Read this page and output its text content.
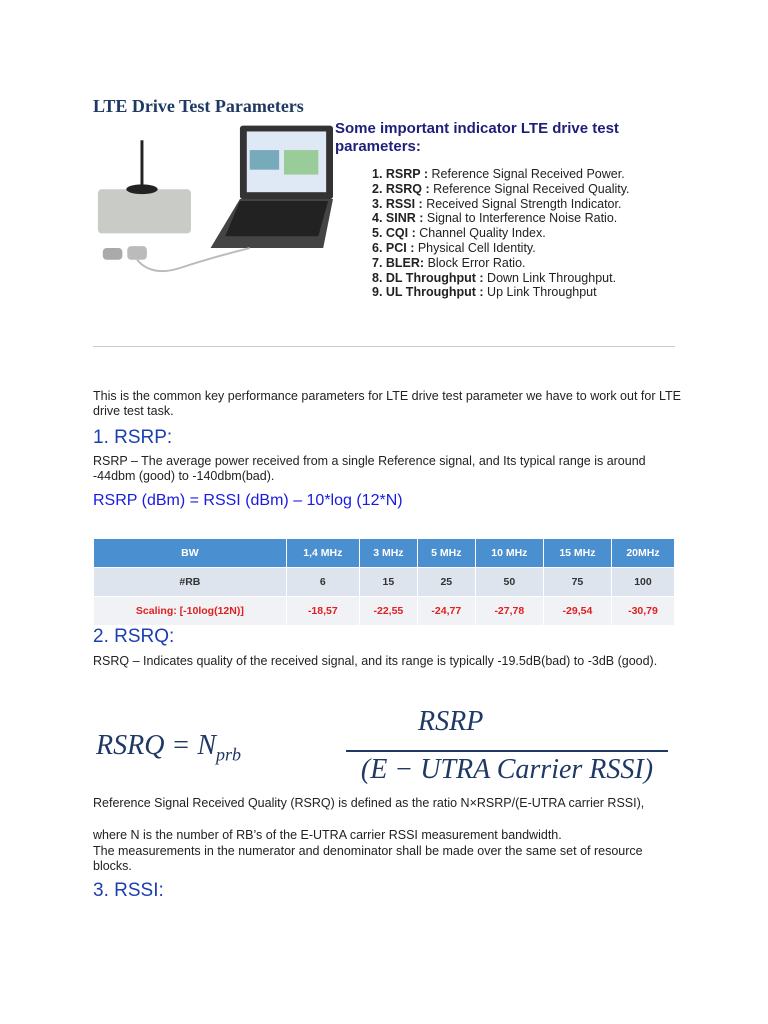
LTE Drive Test Parameters
Some important indicator LTE drive test parameters:
1. RSRP : Reference Signal Received Power.
2. RSRQ : Reference Signal Received Quality.
3. RSSI : Received Signal Strength Indicator.
4. SINR : Signal to Interference Noise Ratio.
5. CQI : Channel Quality Index.
6. PCI : Physical Cell Identity.
7. BLER: Block Error Ratio.
8. DL Throughput : Down Link Throughput.
9. UL Throughput : Up Link Throughput
This is the common key performance parameters for LTE drive test parameter we have to work out for LTE drive test task.
1. RSRP:
RSRP – The average power received from a single Reference signal, and Its typical range is around -44dbm (good) to -140dbm(bad).
RSRP (dBm) = RSSI (dBm) – 10*log (12*N)
BW	1,4 MHz	3 MHz	5 MHz	10 MHz	15 MHz	20MHz
#RB	6	15	25	50	75	100
Scaling: [-10log(12N)]	-18,57	-22,55	-24,77	-27,78	-29,54	-30,79
2. RSRQ:
RSRQ – Indicates quality of the received signal, and its range is typically -19.5dB(bad) to -3dB (good).
RSRQ = $N_{prb}$
RSRP
(E − UTRA Carrier RSSI)
Reference Signal Received Quality (RSRQ) is defined as the ratio N×RSRP/(E-UTRA carrier RSSI),
where N is the number of RB’s of the E-UTRA carrier RSSI measurement bandwidth.
The measurements in the numerator and denominator shall be made over the same set of resource blocks.
3. RSSI:
